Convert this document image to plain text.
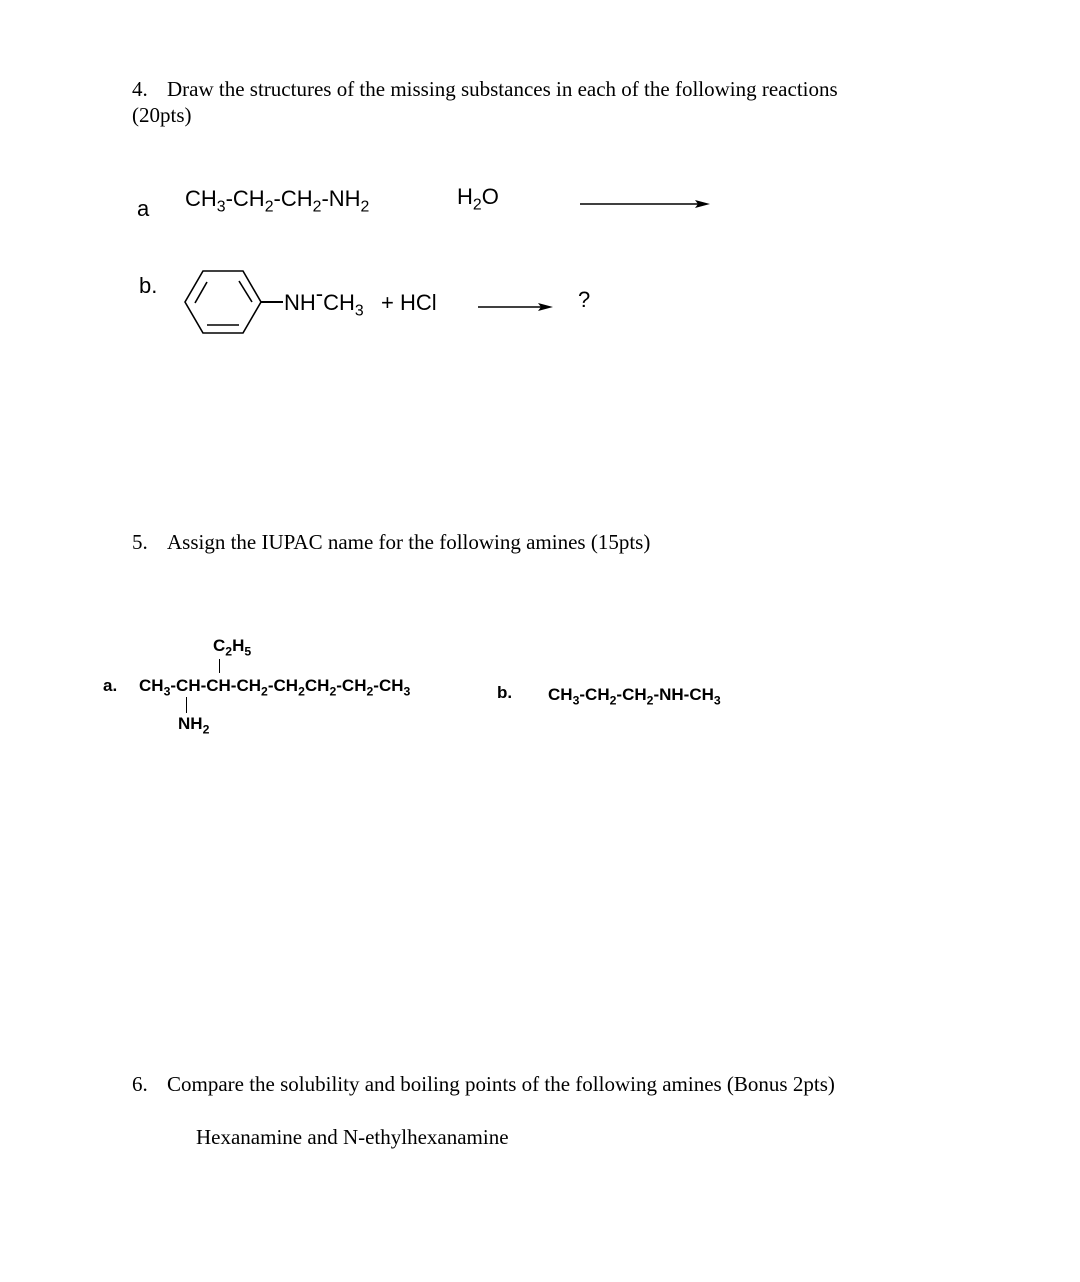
4. Draw the structures of the missing substances in each of the following reactions
(20pts)
a $CH_3-CH_2-CH_2-NH_2$	$H_2O$
b.
$NH-CH_3$ + HCl	?
5. Assign the IUPAC name for the following amines (15pts)
$C_2H_5$
a. $CH_3-CH-CH-CH_2-CH_2CH_2-CH_2-CH_3$
$NH_2$
b. $CH_3-CH_2-CH_2-NH-CH_3$
6. Compare the solubility and boiling points of the following amines (Bonus 2pts)
Hexanamine and N-ethylhexanamine
